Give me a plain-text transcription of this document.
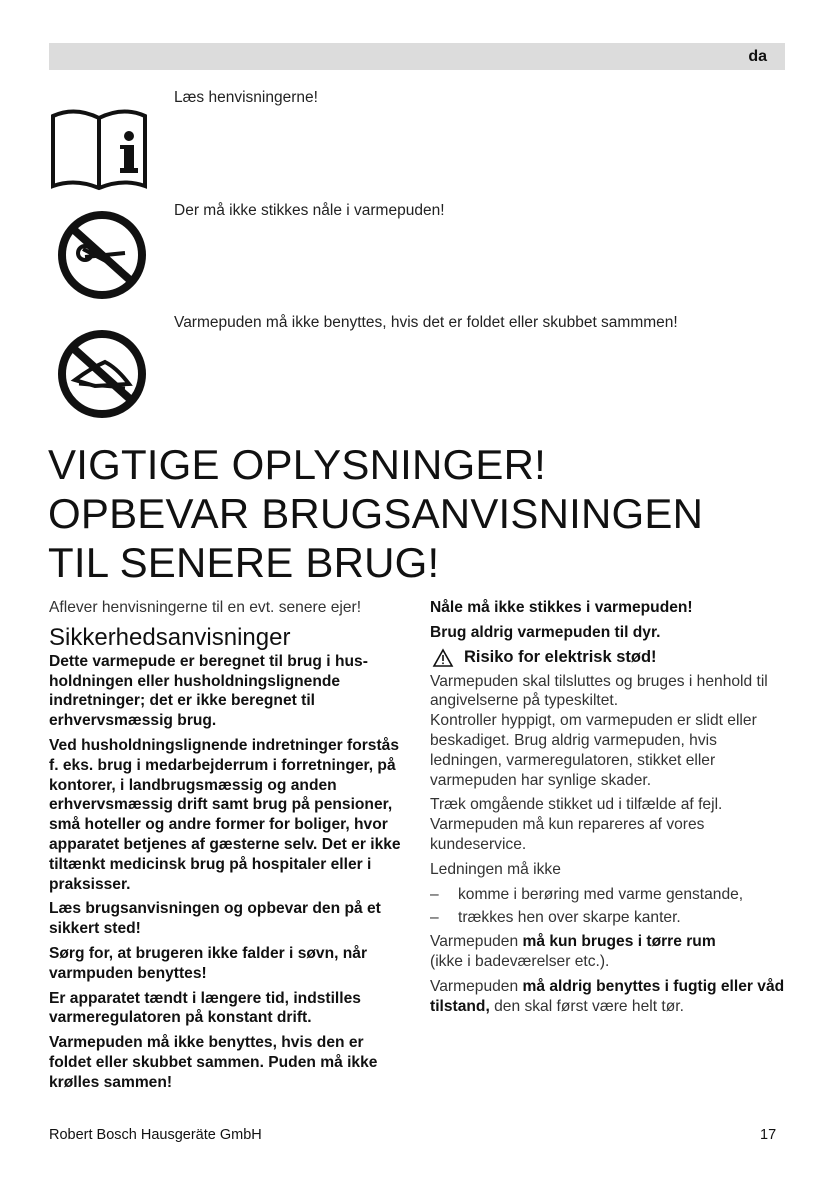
da
Læs henvisningerne!
Der må ikke stikkes nåle i varmepuden!
Varmepuden må ikke benyttes, hvis det er foldet eller skubbet sammmen!
VIGTIGE OPLYSNINGER!
OPBEVAR BRUGSANVISNINGEN
TIL SENERE BRUG!

Aflever henvisningerne til en evt. senere ejer!

Sikkerhedsanvisninger

Dette varmepude er beregnet til brug i husholdningen eller husholdningslignende indretninger; det er ikke beregnet til erhvervsmæssig brug.

Ved husholdningslignende indretninger forstås f. eks. brug i medarbejderrum i forretninger, på kontorer, i landbrugsmæssig og anden erhvervsmæssig drift samt brug på pensioner, små hoteller og andre former for boliger, hvor apparatet betjenes af gæsterne selv. Det er ikke tiltænkt medicinsk brug på hospitaler eller i praksisser.

Læs brugsanvisningen og opbevar den på et sikkert sted!

Sørg for, at brugeren ikke falder i søvn, når varmpuden benyttes!

Er apparatet tændt i længere tid, indstilles varmeregulatoren på konstant drift.

Varmepuden må ikke benyttes, hvis den er foldet eller skubbet sammen. Puden må ikke krølles sammen!

Nåle må ikke stikkes i varmepuden!

Brug aldrig varmepuden til dyr.

Risiko for elektrisk stød!

Varmepuden skal tilsluttes og bruges i henhold til angivelserne på typeskiltet.
Kontroller hyppigt, om varmepuden er slidt eller beskadiget. Brug aldrig varmepuden, hvis ledningen, varmeregulatoren, stikket eller varmepuden har synlige skader.

Træk omgående stikket ud i tilfælde af fejl. Varmepuden må kun repareres af vores kundeservice.

Ledningen må ikke

–	komme i berøring med varme genstande,
–	trækkes hen over skarpe kanter.

Varmepuden må kun bruges i tørre rum
(ikke i badeværelser etc.).

Varmepuden må aldrig benyttes i fugtig eller våd tilstand, den skal først være helt tør.

Robert Bosch Hausgeräte GmbH	17
